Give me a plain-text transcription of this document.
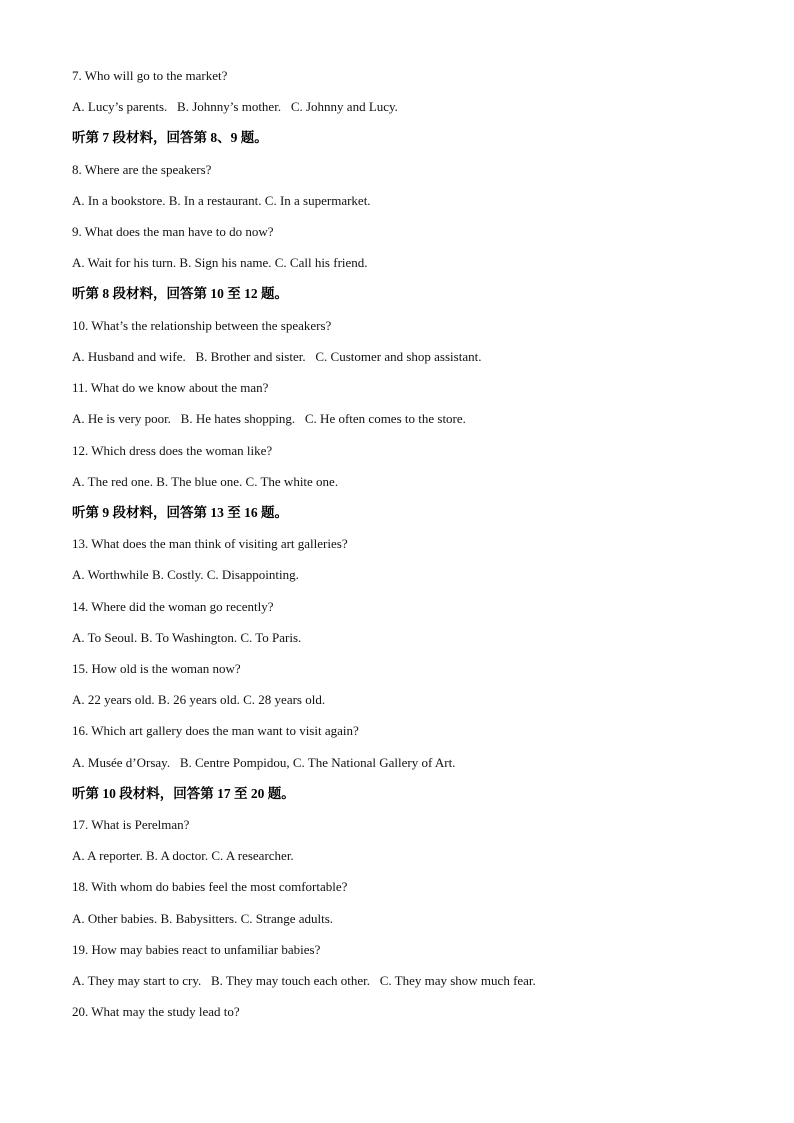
7. Who will go to the market?
A. Lucy’s parents.   B. Johnny’s mother.   C. Johnny and Lucy.
听第 7 段材料，回答第 8、9 题。
8. Where are the speakers?
A. In a bookstore. B. In a restaurant. C. In a supermarket.
9. What does the man have to do now?
A. Wait for his turn. B. Sign his name. C. Call his friend.
听第 8 段材料，回答第 10 至 12 题。
10. What’s the relationship between the speakers?
A. Husband and wife.   B. Brother and sister.   C. Customer and shop assistant.
11. What do we know about the man?
A. He is very poor.   B. He hates shopping.   C. He often comes to the store.
12. Which dress does the woman like?
A. The red one. B. The blue one. C. The white one.
听第 9 段材料，回答第 13 至 16 题。
13. What does the man think of visiting art galleries?
A. Worthwhile B. Costly. C. Disappointing.
14. Where did the woman go recently?
A. To Seoul. B. To Washington. C. To Paris.
15. How old is the woman now?
A. 22 years old. B. 26 years old. C. 28 years old.
16. Which art gallery does the man want to visit again?
A. Musée d’Orsay.   B. Centre Pompidou, C. The National Gallery of Art.
听第 10 段材料，回答第 17 至 20 题。
17. What is Perelman?
A. A reporter. B. A doctor. C. A researcher.
18. With whom do babies feel the most comfortable?
A. Other babies. B. Babysitters. C. Strange adults.
19. How may babies react to unfamiliar babies?
A. They may start to cry.   B. They may touch each other.   C. They may show much fear.
20. What may the study lead to?
